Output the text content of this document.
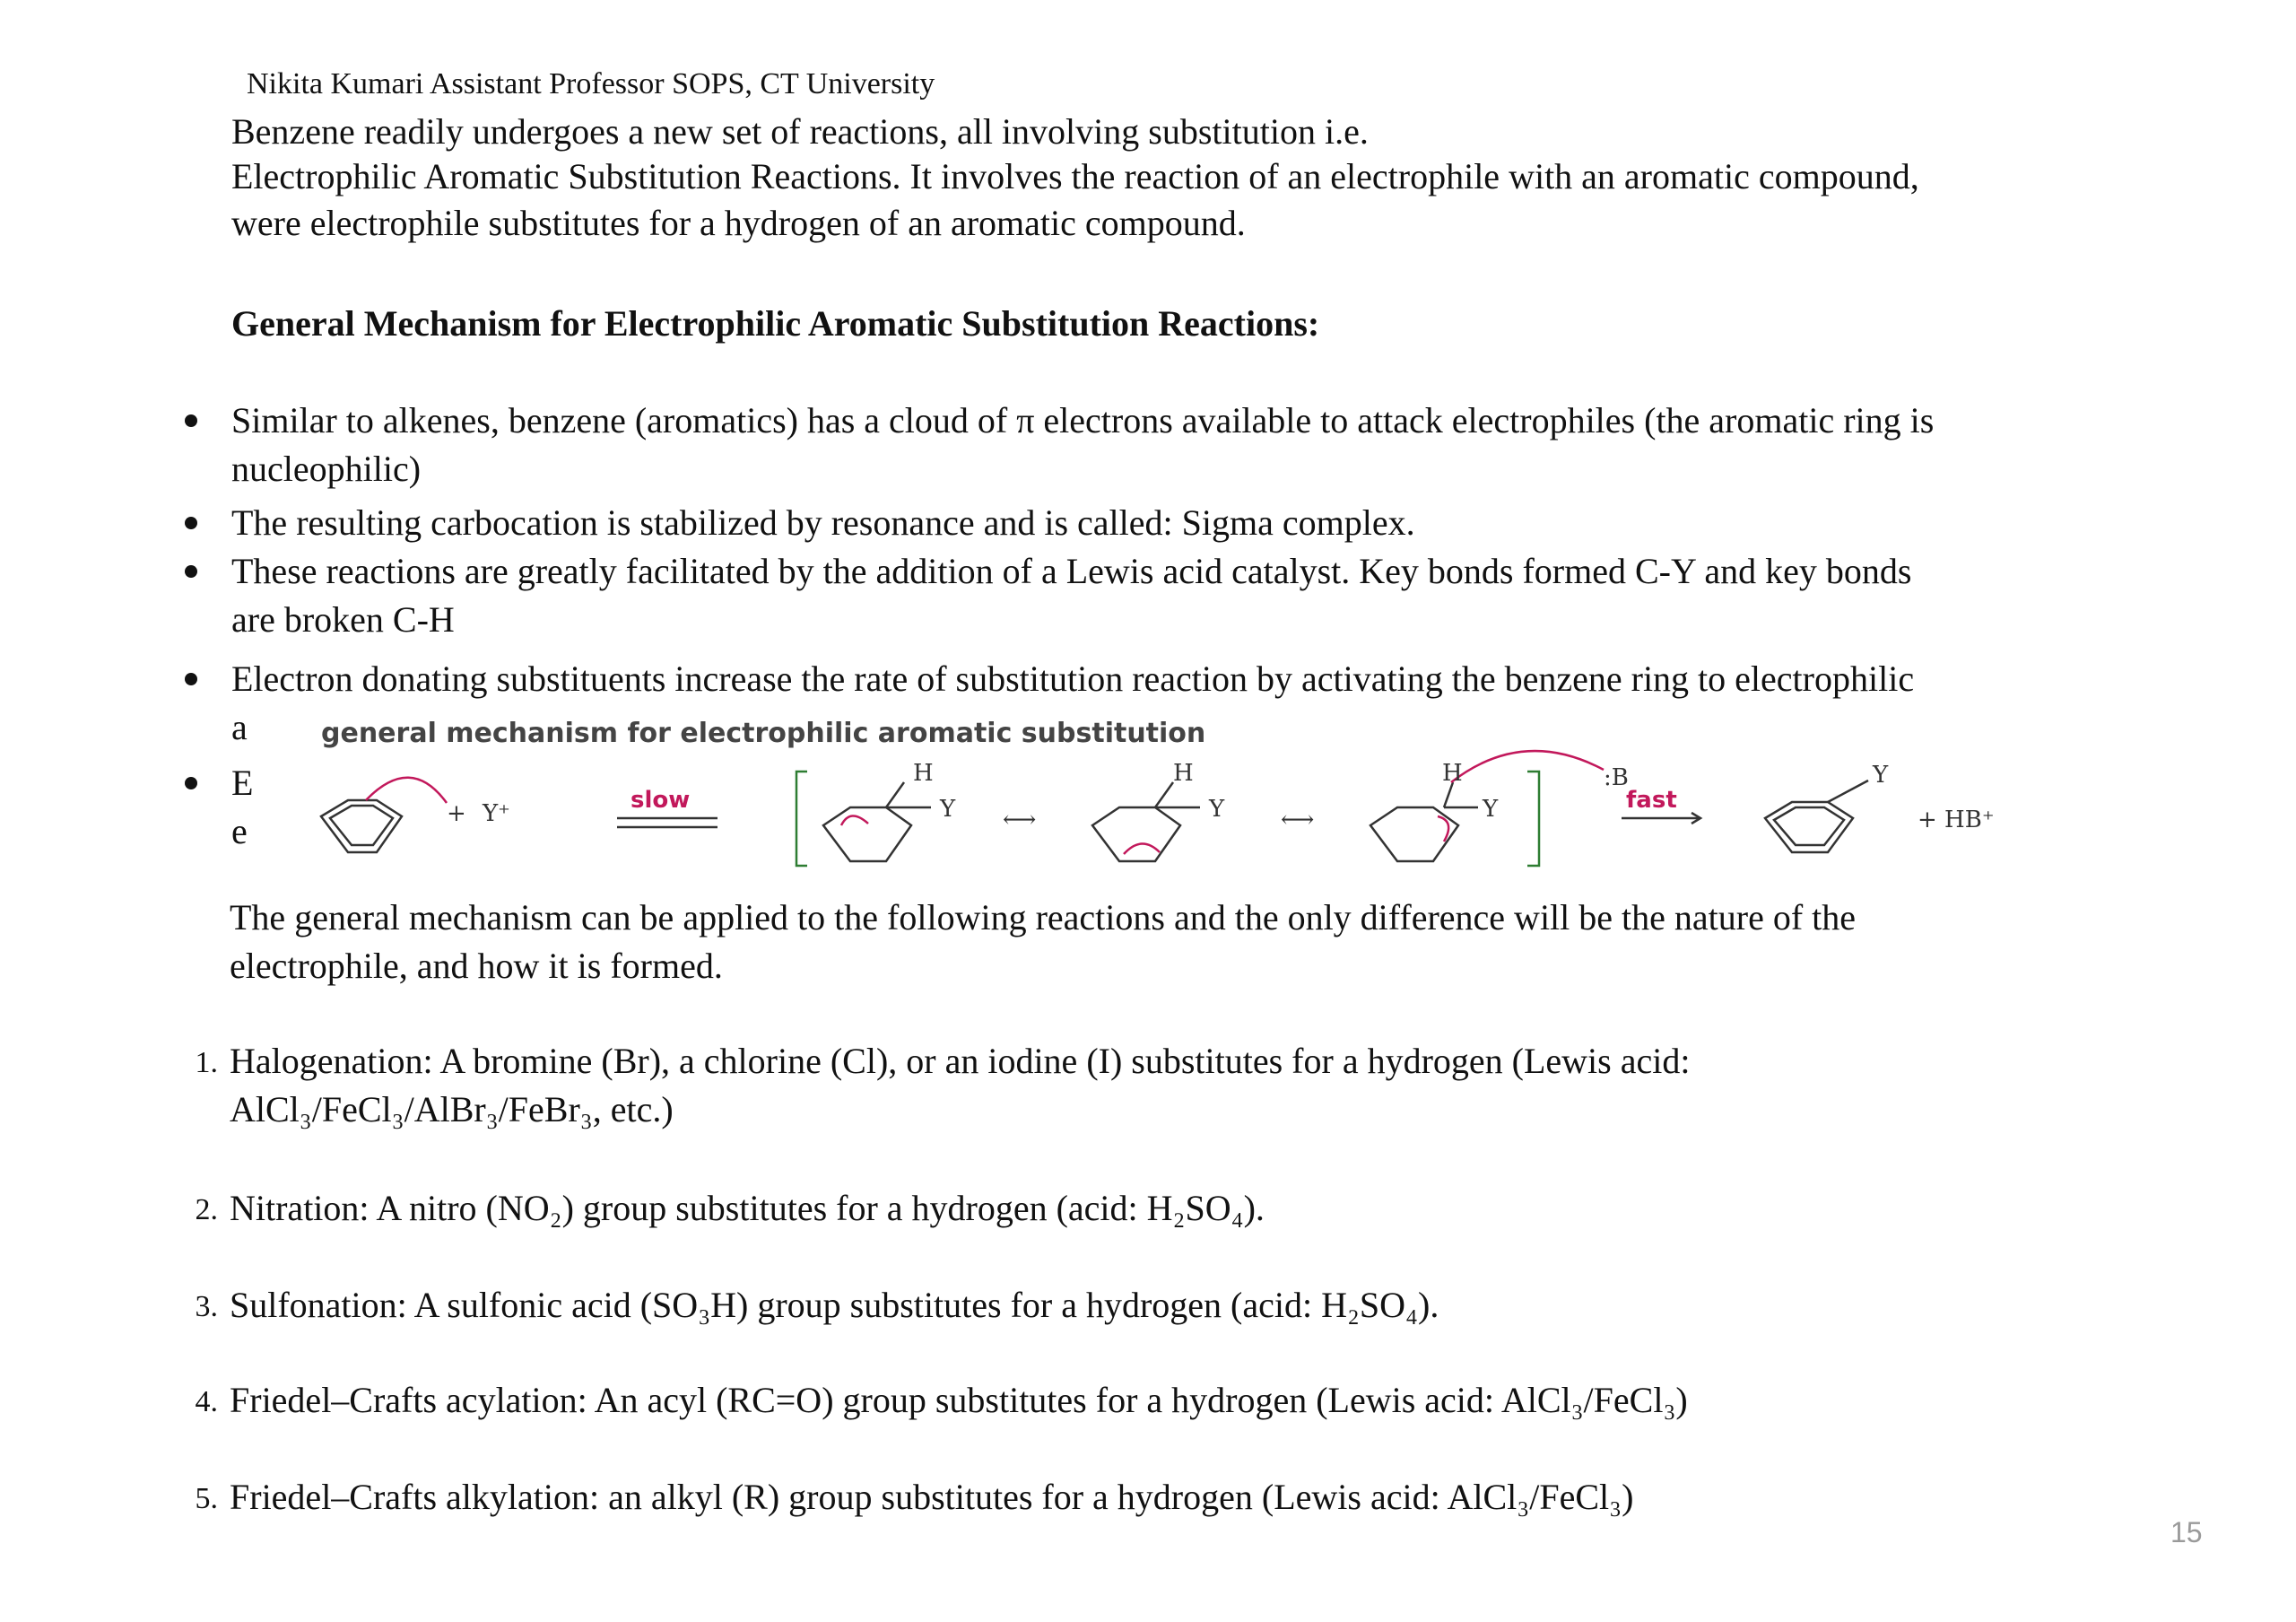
Nikita Kumari Assistant Professor SOPS, CT University
Benzene readily undergoes a new set of reactions, all involving substitution i.e.
Electrophilic Aromatic Substitution Reactions. It involves the reaction of an electrophile with an aromatic compound,
were electrophile substitutes for a hydrogen of an aromatic compound.
General Mechanism for Electrophilic Aromatic Substitution Reactions:
Similar to alkenes, benzene (aromatics) has a cloud of π electrons available to attack electrophiles (the aromatic ring is
nucleophilic)
The resulting carbocation is stabilized by resonance and is called: Sigma complex.
These reactions are greatly facilitated by the addition of a Lewis acid catalyst. Key bonds formed C-Y and key bonds
are broken C-H
Electron donating substituents increase the rate of substitution reaction by activating the benzene ring to electrophilic
a
E
e
general mechanism for electrophilic aromatic substitution
+ Y⁺
H
Y ⟷
H
Y ⟷
H
Y
:B	Y
+ HB⁺
slow	fast
The general mechanism can be applied to the following reactions and the only difference will be the nature of the
electrophile, and how it is formed.
1. Halogenation: A bromine (Br), a chlorine (Cl), or an iodine (I) substitutes for a hydrogen (Lewis acid:
AlCl₃/FeCl₃/AlBr₃/FeBr₃, etc.)
2. Nitration: A nitro (NO₂) group substitutes for a hydrogen (acid: H₂SO₄).
3. Sulfonation: A sulfonic acid (SO₃H) group substitutes for a hydrogen (acid: H₂SO₄).
4. Friedel–Crafts acylation: An acyl (RC=O) group substitutes for a hydrogen (Lewis acid: AlCl₃/FeCl₃)
5. Friedel–Crafts alkylation: an alkyl (R) group substitutes for a hydrogen (Lewis acid: AlCl₃/FeCl₃)
15
